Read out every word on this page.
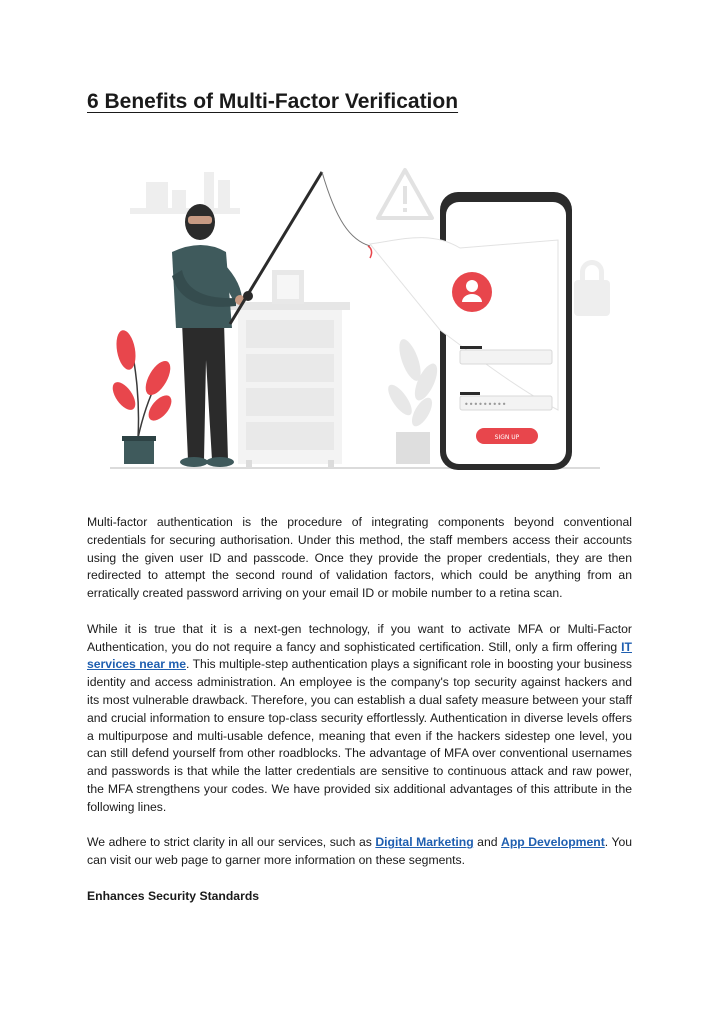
6 Benefits of Multi-Factor Verification
•••••••••
SIGN UP

Multi-factor authentication is the procedure of integrating components beyond conventional credentials for securing authorisation. Under this method, the staff members access their accounts using the given user ID and passcode. Once they provide the proper credentials, they are then redirected to attempt the second round of validation factors, which could be anything from an erratically created password arriving on your email ID or mobile number to a retina scan.

While it is true that it is a next-gen technology, if you want to activate MFA or Multi-Factor Authentication, you do not require a fancy and sophisticated certification. Still, only a firm offering IT services near me. This multiple-step authentication plays a significant role in boosting your business identity and access administration. An employee is the company's top security against hackers and its most vulnerable drawback. Therefore, you can establish a dual safety measure between your staff and crucial information to ensure top-class security effortlessly. Authentication in diverse levels offers a multipurpose and multi-usable defence, meaning that even if the hackers sidestep one level, you can still defend yourself from other roadblocks. The advantage of MFA over conventional usernames and passwords is that while the latter credentials are sensitive to continuous attack and raw power, the MFA strengthens your codes. We have provided six additional advantages of this attribute in the following lines.

We adhere to strict clarity in all our services, such as Digital Marketing and App Development. You can visit our web page to garner more information on these segments.

Enhances Security Standards
